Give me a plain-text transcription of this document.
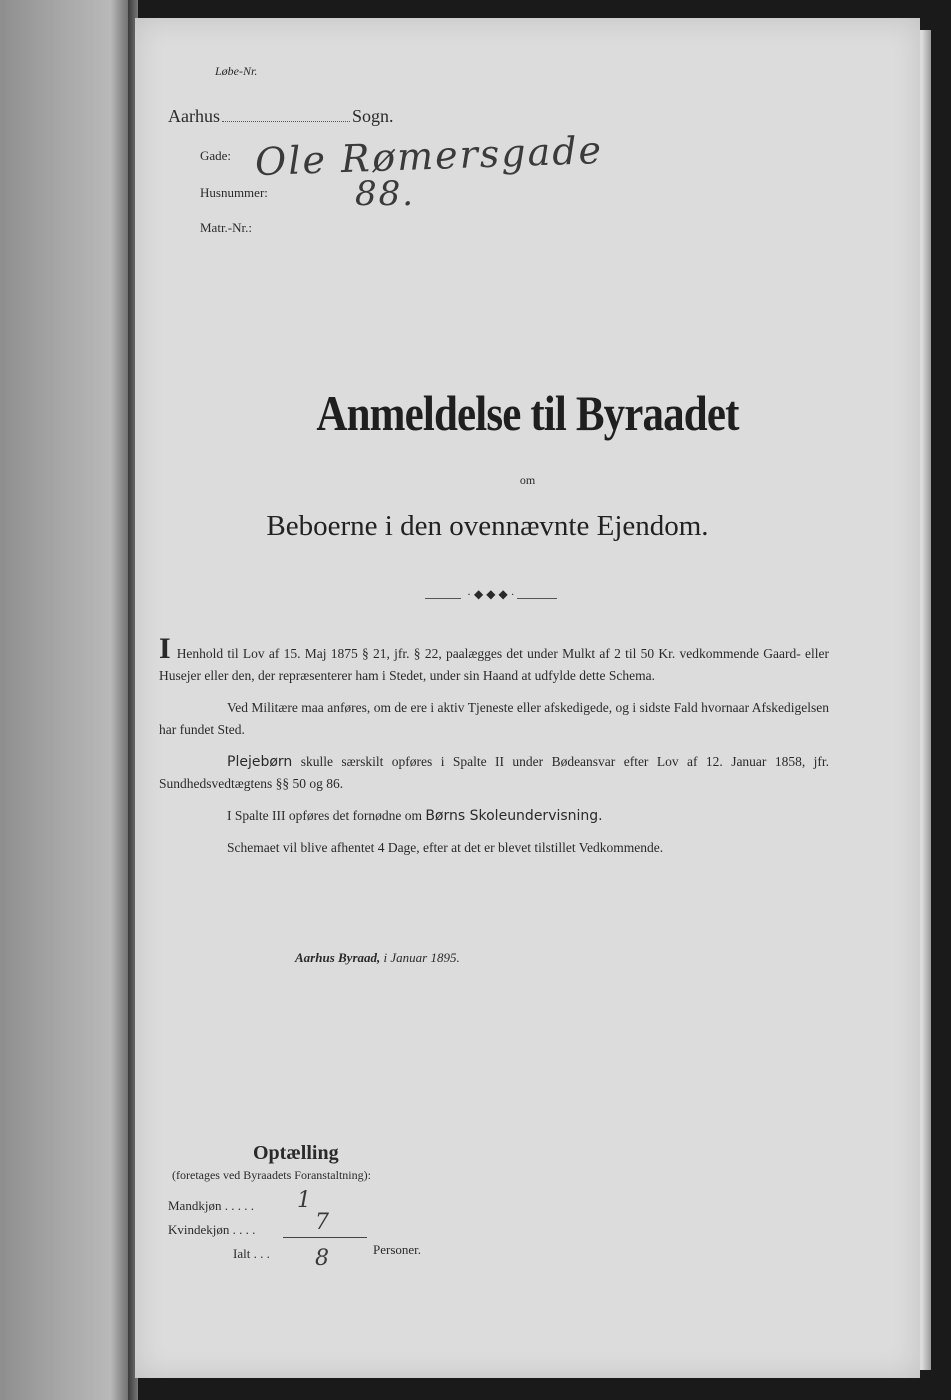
Løbe-Nr.
Aarhus	Sogn.
Gade: Ole Rømersgade
Husnummer:	88.
Matr.-Nr.:
Anmeldelse til Byraadet
om
Beboerne i den ovennævnte Ejendom.
·◆◆◆·

I Henhold til Lov af 15. Maj 1875 § 21, jfr. § 22, paalægges det under Mulkt af 2 til 50 Kr. vedkommende Gaard- eller Husejer eller den, der repræsenterer ham i Stedet, under sin Haand at udfylde dette Schema.

Ved Militære maa anføres, om de ere i aktiv Tjeneste eller afskedigede, og i sidste Fald hvornaar Afskedigelsen har fundet Sted.

Plejebørn skulle særskilt opføres i Spalte II under Bødeansvar efter Lov af 12. Januar 1858, jfr. Sundhedsvedtægtens §§ 50 og 86.

I Spalte III opføres det fornødne om Børns Skoleundervisning.

Schemaet vil blive afhentet 4 Dage, efter at det er blevet tilstillet Vedkommende.

Aarhus Byraad, i Januar 1895.
Optælling
(foretages ved Byraadets Foranstaltning):
Mandkjøn . . . . . 1
Kvindekjøn . . . .	7
Ialt . . . 8	Personer.
